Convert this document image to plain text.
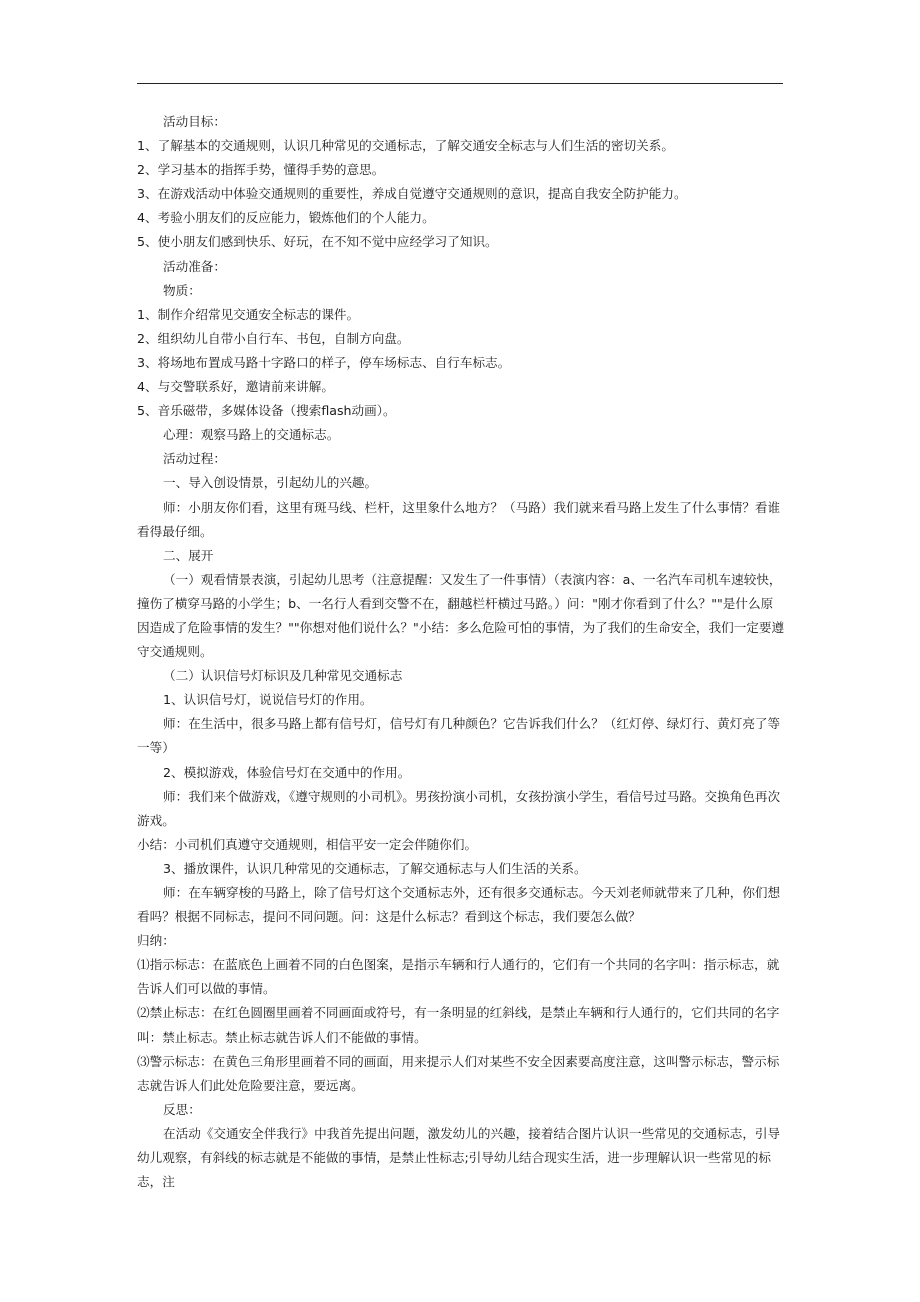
活动目标：

1、了解基本的交通规则，认识几种常见的交通标志，了解交通安全标志与人们生活的密切关系。

2、学习基本的指挥手势，懂得手势的意思。

3、在游戏活动中体验交通规则的重要性，养成自觉遵守交通规则的意识，提高自我安全防护能力。

4、考验小朋友们的反应能力，锻炼他们的个人能力。

5、使小朋友们感到快乐、好玩，在不知不觉中应经学习了知识。

活动准备：

物质：

1、制作介绍常见交通安全标志的课件。

2、组织幼儿自带小自行车、书包，自制方向盘。

3、将场地布置成马路十字路口的样子，停车场标志、自行车标志。

4、与交警联系好，邀请前来讲解。

5、音乐磁带，多媒体设备（搜索flash动画）。

心理：观察马路上的交通标志。

活动过程：

一、导入创设情景，引起幼儿的兴趣。

师：小朋友你们看，这里有斑马线、栏杆，这里象什么地方？（马路）我们就来看马路上发生了什么事情？看谁看得最仔细。

二、展开

（一）观看情景表演，引起幼儿思考（注意提醒：又发生了一件事情）（表演内容：a、一名汽车司机车速较快，撞伤了横穿马路的小学生；b、一名行人看到交警不在，翻越栏杆横过马路。）问："刚才你看到了什么？""是什么原因造成了危险事情的发生？""你想对他们说什么？"小结：多么危险可怕的事情，为了我们的生命安全，我们一定要遵守交通规则。

（二）认识信号灯标识及几种常见交通标志

1、认识信号灯，说说信号灯的作用。

师：在生活中，很多马路上都有信号灯，信号灯有几种颜色？它告诉我们什么？（红灯停、绿灯行、黄灯亮了等一等）

2、模拟游戏，体验信号灯在交通中的作用。

师：我们来个做游戏，《遵守规则的小司机》。男孩扮演小司机，女孩扮演小学生，看信号过马路。交换角色再次游戏。

小结：小司机们真遵守交通规则，相信平安一定会伴随你们。

3、播放课件，认识几种常见的交通标志，了解交通标志与人们生活的关系。

师：在车辆穿梭的马路上，除了信号灯这个交通标志外，还有很多交通标志。今天刘老师就带来了几种，你们想看吗？根据不同标志，提问不同问题。问：这是什么标志？看到这个标志，我们要怎么做？

归纳：

⑴指示标志：在蓝底色上画着不同的白色图案，是指示车辆和行人通行的，它们有一个共同的名字叫：指示标志，就告诉人们可以做的事情。

⑵禁止标志：在红色圆圈里画着不同画面或符号，有一条明显的红斜线，是禁止车辆和行人通行的，它们共同的名字叫：禁止标志。禁止标志就告诉人们不能做的事情。

⑶警示标志：在黄色三角形里画着不同的画面，用来提示人们对某些不安全因素要高度注意，这叫警示标志，警示标志就告诉人们此处危险要注意，要远离。

反思：

在活动《交通安全伴我行》中我首先提出问题，激发幼儿的兴趣，接着结合图片认识一些常见的交通标志，引导幼儿观察，有斜线的标志就是不能做的事情，是禁止性标志;引导幼儿结合现实生活，进一步理解认识一些常见的标志，注
